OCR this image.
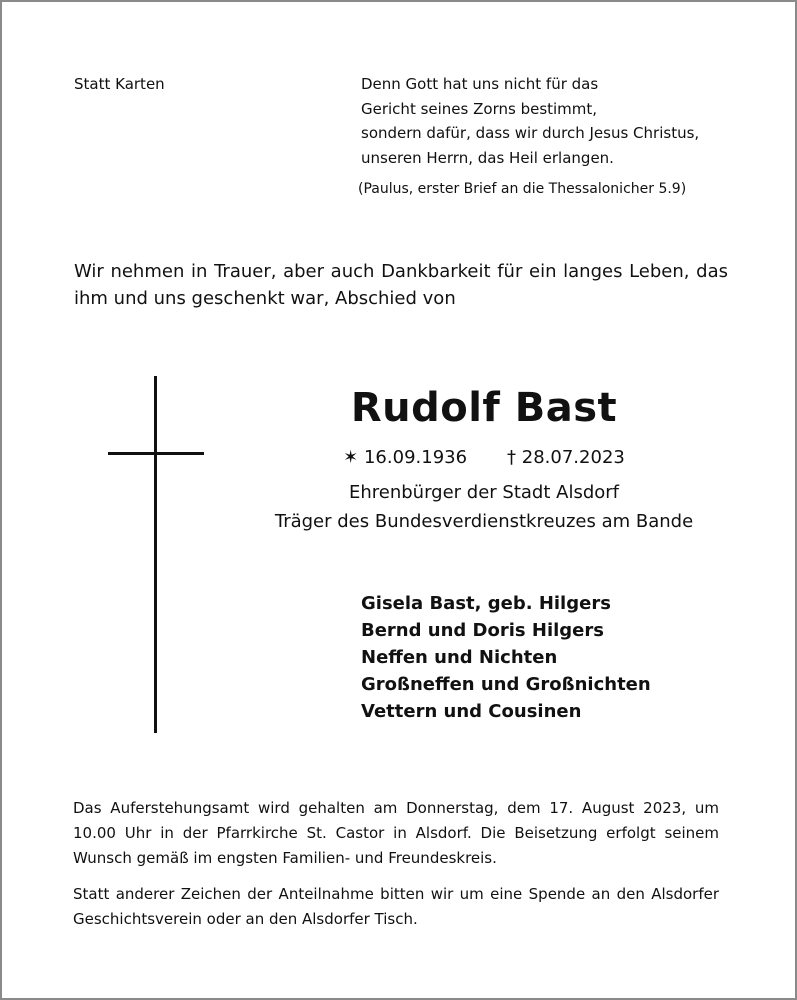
Statt Karten	Denn Gott hat uns nicht für das
Gericht seines Zorns bestimmt,
sondern dafür, dass wir durch Jesus Christus,
unseren Herrn, das Heil erlangen.
(Paulus, erster Brief an die Thessalonicher 5.9)
Wir nehmen in Trauer, aber auch Dankbarkeit für ein langes Leben, das ihm und uns geschenkt war, Abschied von
Rudolf Bast
✶ 16.09.1936 † 28.07.2023
Ehrenbürger der Stadt Alsdorf
Träger des Bundesverdienstkreuzes am Bande
Gisela Bast, geb. Hilgers
Bernd und Doris Hilgers
Neffen und Nichten
Großneffen und Großnichten
Vettern und Cousinen
Das Auferstehungsamt wird gehalten am Donnerstag, dem 17. August 2023, um 10.00 Uhr in der Pfarrkirche St. Castor in Alsdorf. Die Beisetzung erfolgt seinem Wunsch gemäß im engsten Familien- und Freundeskreis.
Statt anderer Zeichen der Anteilnahme bitten wir um eine Spende an den Alsdorfer Geschichtsverein oder an den Alsdorfer Tisch.
